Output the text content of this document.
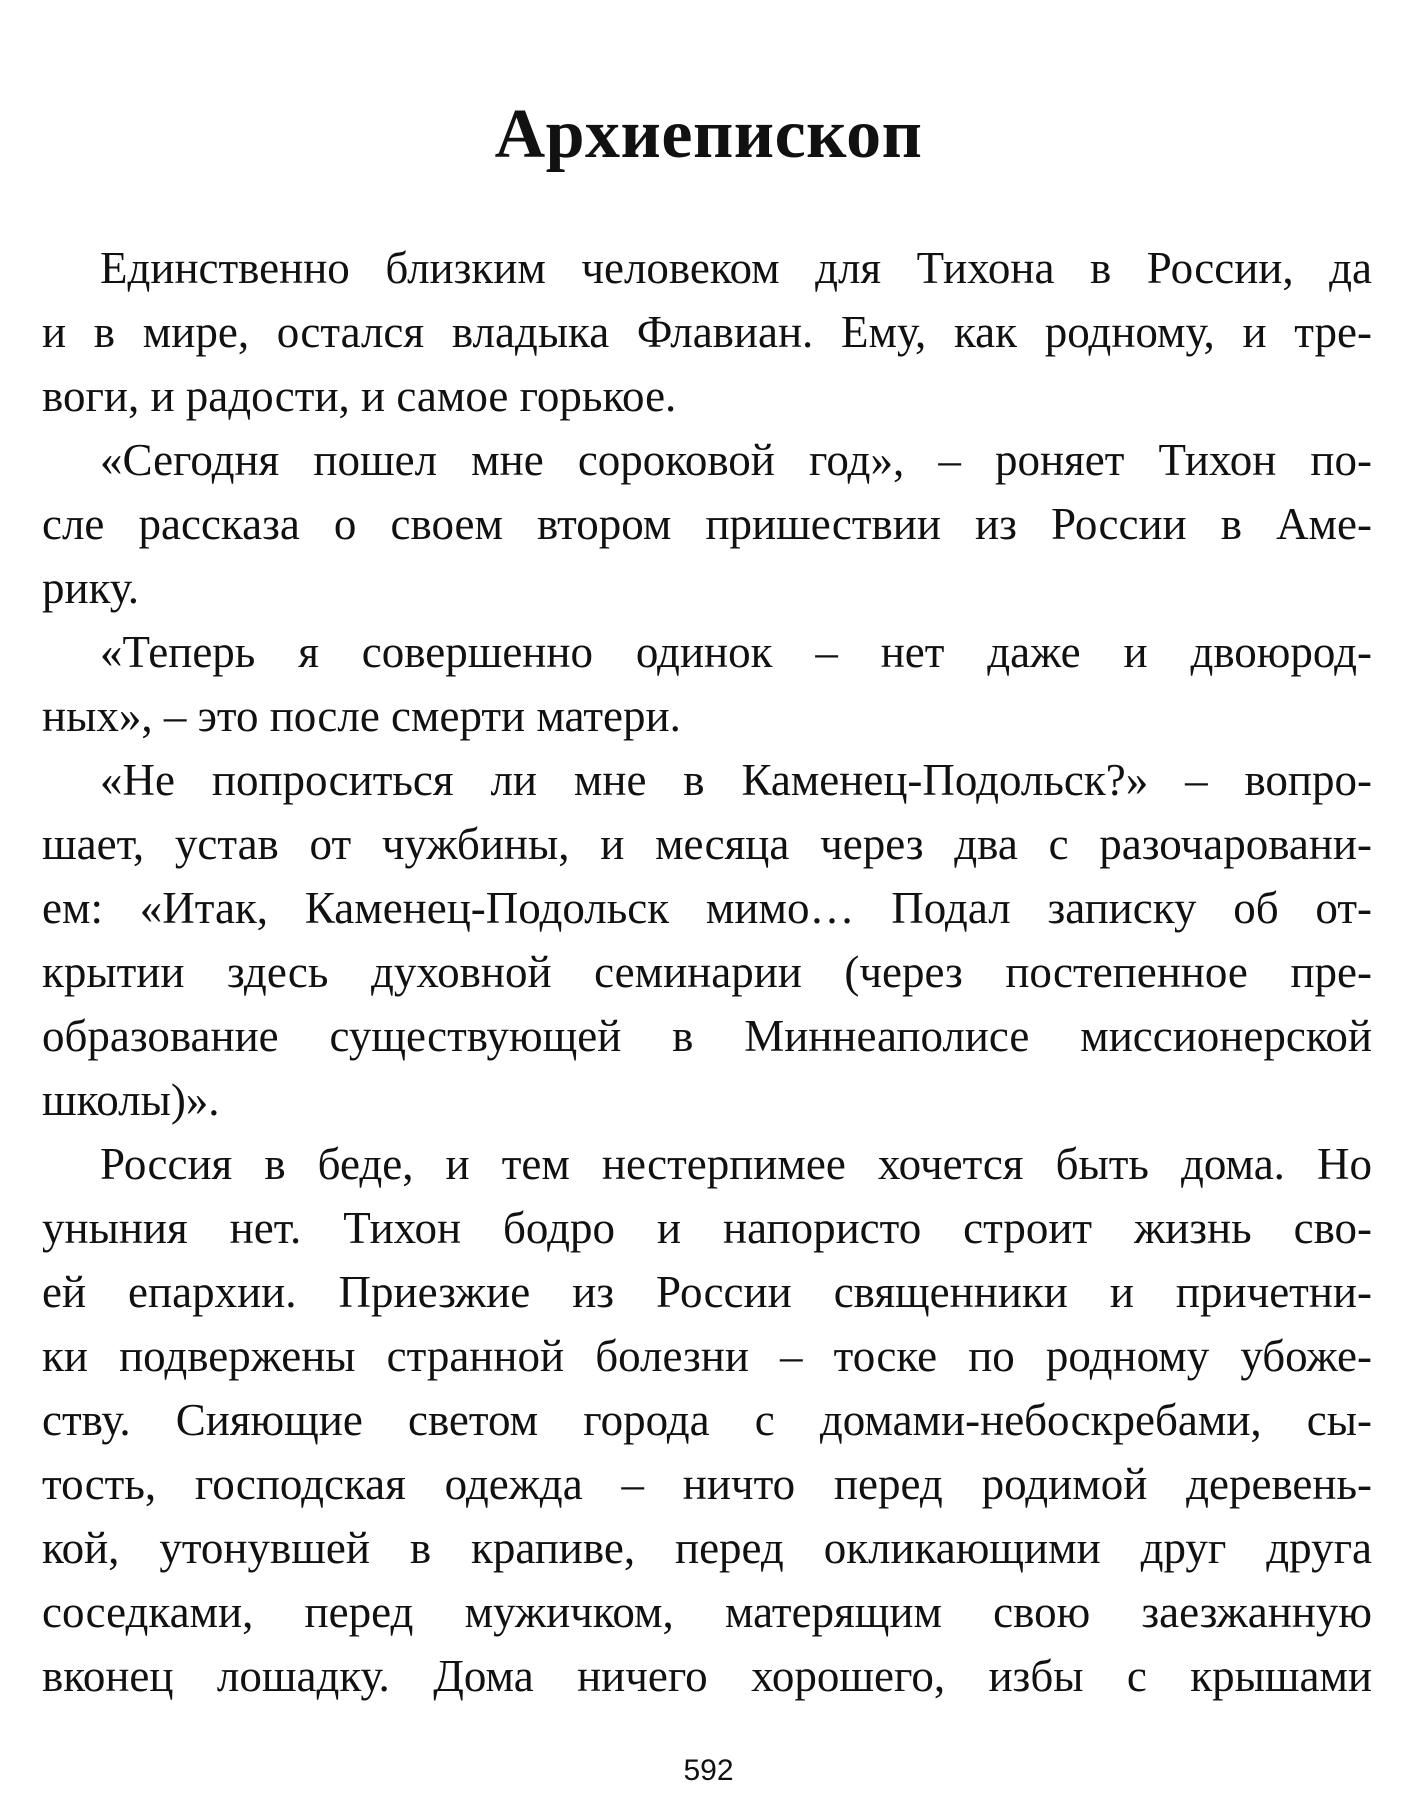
Архиепископ
Единственно близким человеком для Тихона в России, да
и в мире, остался владыка Флавиан. Ему, как родному, и тре-
воги, и радости, и самое горькое.
«Сегодня пошел мне сороковой год», – роняет Тихон по-
сле рассказа о своем втором пришествии из России в Аме-
рику.
«Теперь я совершенно одинок – нет даже и двоюрод-
ных», – это после смерти матери.
«Не попроситься ли мне в Каменец-Подольск?» – вопро-
шает, устав от чужбины, и месяца через два с разочаровани-
ем: «Итак, Каменец-Подольск мимо… Подал записку об от-
крытии здесь духовной семинарии (через постепенное пре-
образование существующей в Миннеаполисе миссионерской
школы)».
Россия в беде, и тем нестерпимее хочется быть дома. Но
уныния нет. Тихон бодро и напористо строит жизнь сво-
ей епархии. Приезжие из России священники и причетни-
ки подвержены странной болезни – тоске по родному убоже-
ству. Сияющие светом города с домами-небоскребами, сы-
тость, господская одежда – ничто перед родимой деревень-
кой, утонувшей в крапиве, перед окликающими друг друга
соседками, перед мужичком, матерящим свою заезжанную
вконец лошадку. Дома ничего хорошего, избы с крышами
592
